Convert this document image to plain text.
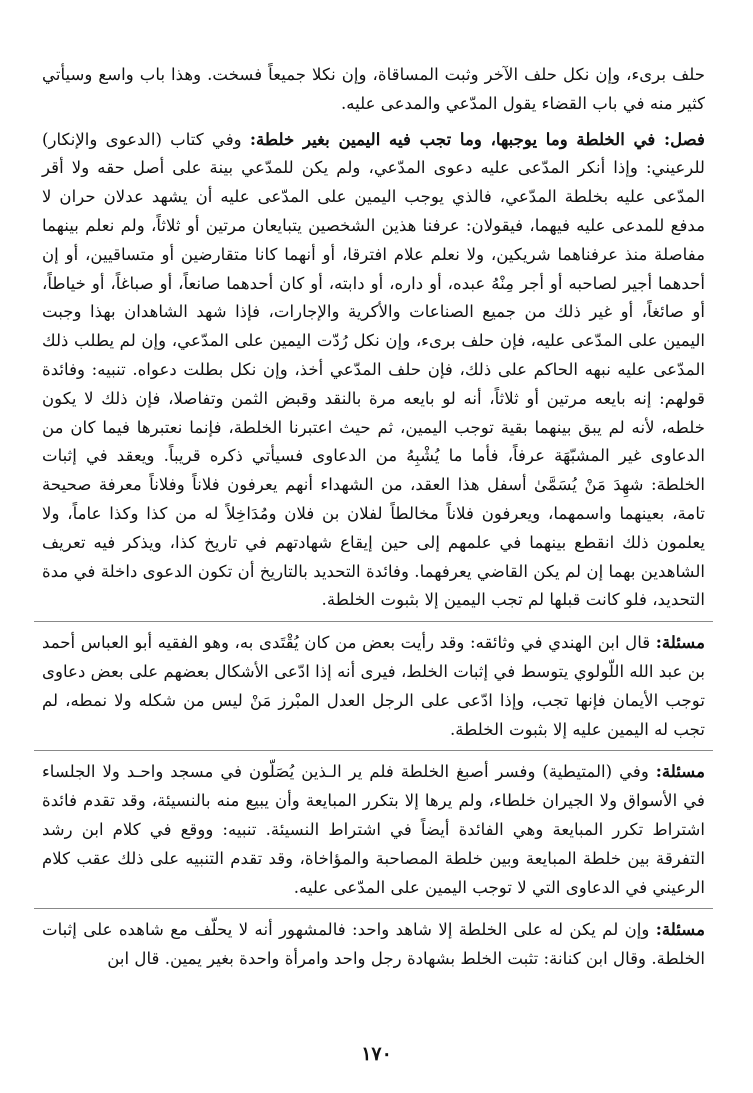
حلف برىء، وإن نكل حلف الآخر وثبت المساقاة، وإن نكلا جميعاً فسخت. وهذا باب واسع وسيأتي كثير منه في باب القضاء يقول المدّعي والمدعى عليه.

فصل: في الخلطة وما يوجبها، وما تجب فيه اليمين بغير خلطة: وفي كتاب (الدعوى والإنكار) للرعيني: وإذا أنكر المدّعى عليه دعوى المدّعي، ولم يكن للمدّعي بينة على أصل حقه ولا أقر المدّعى عليه بخلطة المدّعي، فالذي يوجب اليمين على المدّعى عليه أن يشهد عدلان حران لا مدفع للمدعى عليه فيهما، فيقولان: عرفنا هذين الشخصين يتبايعان مرتين أو ثلاثاً، ولم نعلم بينهما مفاصلة منذ عرفناهما شريكين، ولا نعلم علام افترقا، أو أنهما كانا متقارضين أو متساقيين، أو إن أحدهما أجير لصاحبه أو أجر مِنْهُ عبده، أو داره، أو دابته، أو كان أحدهما صانعاً، أو صباغاً، أو خياطاً، أو صائغاً، أو غير ذلك من جميع الصناعات والأكرية والإجارات، فإذا شهد الشاهدان بهذا وجبت اليمين على المدّعى عليه، فإن حلف برىء، وإن نكل رُدّت اليمين على المدّعي، وإن لم يطلب ذلك المدّعى عليه نبهه الحاكم على ذلك، فإن حلف المدّعي أخذ، وإن نكل بطلت دعواه. تنبيه: وفائدة قولهم: إنه بايعه مرتين أو ثلاثاً، أنه لو بايعه مرة بالنقد وقبض الثمن وتفاصلا، فإن ذلك لا يكون خلطه، لأنه لم يبق بينهما بقية توجب اليمين، ثم حيث اعتبرنا الخلطة، فإنما نعتبرها فيما كان من الدعاوى غير المشبّهَة عرفاً، فأما ما يُشْبِهُ من الدعاوى فسيأتي ذكره قريباً. ويعقد في إثبات الخلطة: شهِدَ مَنْ يُسَمَّىٰ أسفل هذا العقد، من الشهداء أنهم يعرفون فلاناً وفلاناً معرفة صحيحة تامة، بعينهما واسمهما، ويعرفون فلاناً مخالطاً لفلان بن فلان ومُدَاخِلاً له من كذا وكذا عاماً، ولا يعلمون ذلك انقطع بينهما في علمهم إلى حين إيقاع شهادتهم في تاريخ كذا، ويذكر فيه تعريف الشاهدين بهما إن لم يكن القاضي يعرفهما. وفائدة التحديد بالتاريخ أن تكون الدعوى داخلة في مدة التحديد، فلو كانت قبلها لم تجب اليمين إلا بثبوت الخلطة.

مسئلة: قال ابن الهندي في وثائقه: وقد رأيت بعض من كان يُقْتَدى به، وهو الفقيه أبو العباس أحمد بن عبد الله اللّولوي يتوسط في إثبات الخلط، فيرى أنه إذا ادّعى الأشكال بعضهم على بعض دعاوى توجب الأيمان فإنها تجب، وإذا ادّعى على الرجل العدل المبْرز مَنْ ليس من شكله ولا نمطه، لم تجب له اليمين عليه إلا بثبوت الخلطة.

مسئلة: وفي (المتيطية) وفسر أصبغ الخلطة فلم ير الـذين يُصَلّون في مسجد واحـد ولا الجلساء في الأسواق ولا الجيران خلطاء، ولم يرها إلا بتكرر المبايعة وأن يبيع منه بالنسيئة، وقد تقدم فائدة اشتراط تكرر المبايعة وهي الفائدة أيضاً في اشتراط النسيئة. تنبيه: ووقع في كلام ابن رشد التفرقة بين خلطة المبايعة وبين خلطة المصاحبة والمؤاخاة، وقد تقدم التنبيه على ذلك عقب كلام الرعيني في الدعاوى التي لا توجب اليمين على المدّعى عليه.

مسئلة: وإن لم يكن له على الخلطة إلا شاهد واحد: فالمشهور أنه لا يحلّف مع شاهده على إثبات الخلطة. وقال ابن كنانة: تثبت الخلط بشهادة رجل واحد وامرأة واحدة بغير يمين. قال ابن

١٧٠
